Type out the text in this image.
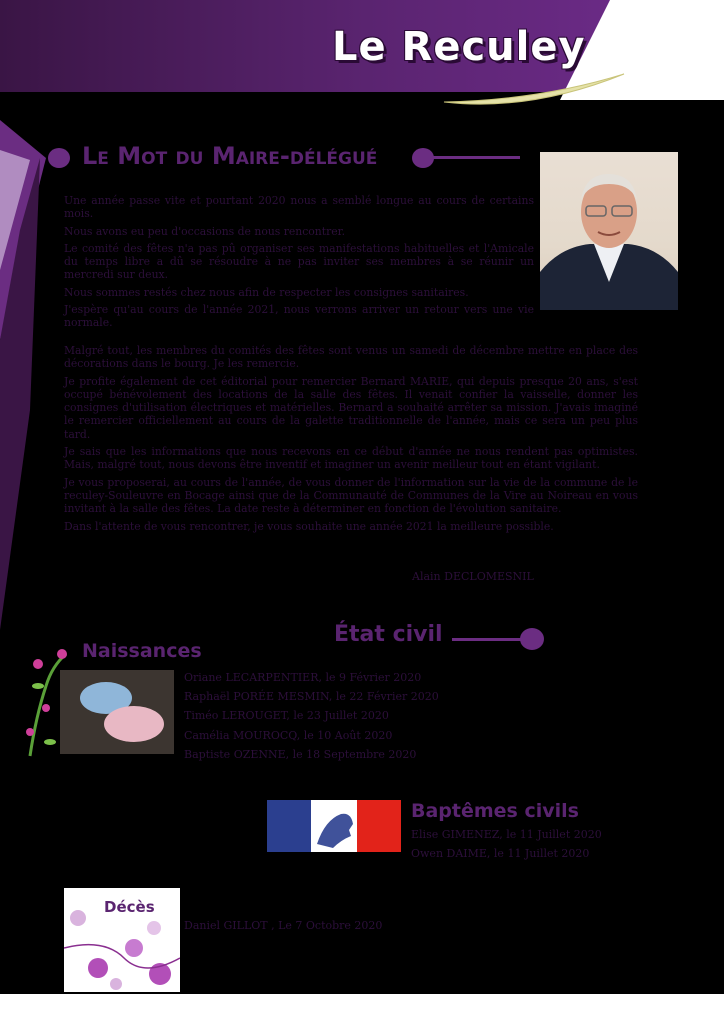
Le Reculey
Le Mot du Maire-délégué

Une année passe vite et pourtant 2020 nous a semblé longue au cours de certains mois.

Nous avons eu peu d'occasions de nous rencontrer.

Le comité des fêtes n'a pas pû organiser ses manifestations habituelles et l'Amicale du temps libre a dû se résoudre à ne pas inviter ses membres à se réunir un mercredi sur deux.

Nous sommes restés chez nous afin de respecter les consignes sanitaires.

J'espère qu'au cours de l'année 2021, nous verrons arriver un retour vers une vie normale.

Malgré tout, les membres du comités des fêtes sont venus un samedi de décembre mettre en place des décorations dans le bourg. Je les remercie.

Je profite également de cet éditorial pour remercier Bernard MARIE, qui depuis presque 20 ans, s'est occupé bénévolement des locations de la salle des fêtes. Il venait confier la vaisselle, donner les consignes d'utilisation électriques et matérielles. Bernard a souhaité arrêter sa mission. J'avais imaginé le remercier officiellement au cours de la galette traditionnelle de l'année, mais ce sera un peu plus tard.

Je sais que les informations que nous recevons en ce début d'année ne nous rendent pas optimistes. Mais, malgré tout, nous devons être inventif et imaginer un avenir meilleur tout en étant vigilant.

Je vous proposerai, au cours de l'année, de vous donner de l'information sur la vie de la commune de le reculey-Souleuvre en Bocage ainsi que de la Communauté de Communes de la Vire au Noireau en vous invitant à la salle des fêtes. La date reste à déterminer en fonction de l'évolution sanitaire.

Dans l'attente de vous rencontrer, je vous souhaite une année 2021 la meilleure possible.

Alain DECLOMESNIL
État civil
Naissances
Oriane LECARPENTIER, le 9 Février 2020
Raphaël PORÉE MESMIN, le 22 Février 2020
Timéo LEROUGET, le 23 Juillet 2020
Camélia MOUROCQ, le 10 Août 2020
Baptiste OZENNE, le 18 Septembre 2020
Baptêmes civils
Elise GIMENEZ, le 11 Juillet 2020
Owen DAIME, le 11 Juillet 2020
Décès
Daniel GILLOT , Le 7 Octobre 2020
